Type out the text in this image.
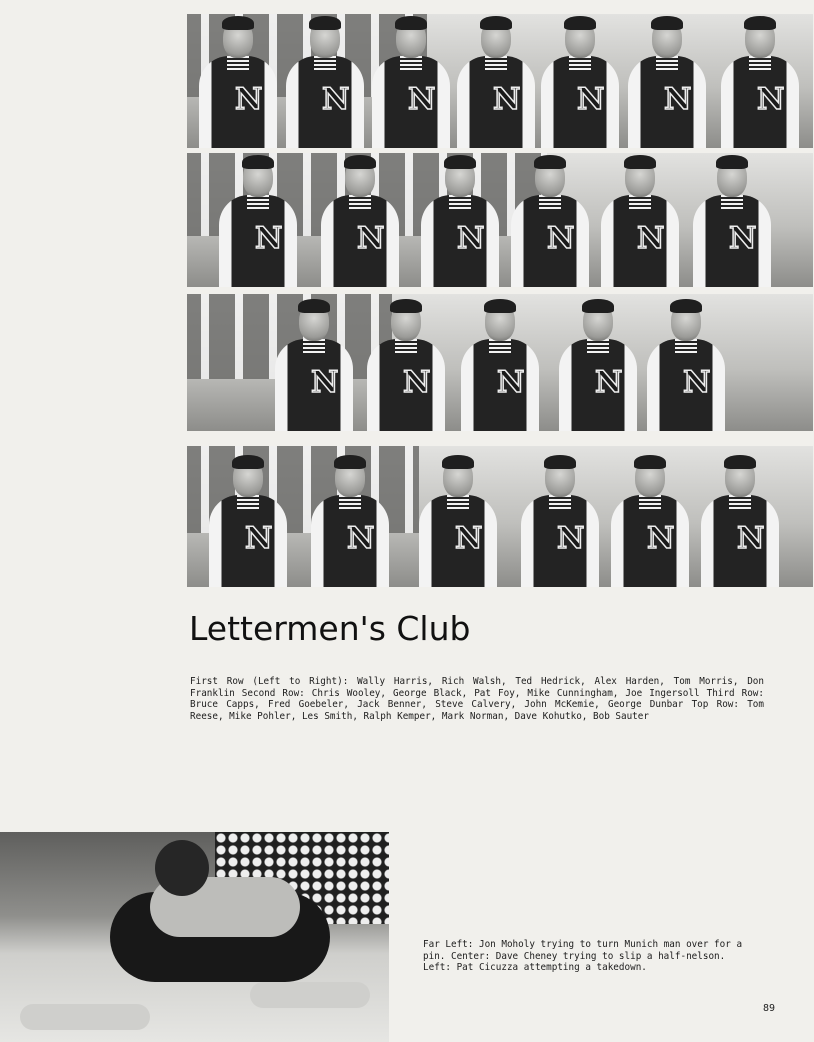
N N N N N N N
N N N N N N
N N N N N
N N	N N N N
Lettermen's Club

First Row (Left to Right): Wally Harris, Rich Walsh, Ted Hedrick, Alex Harden, Tom Morris, Don Franklin Second Row: Chris Wooley, George Black, Pat Foy, Mike Cunningham, Joe Ingersoll Third Row: Bruce Capps, Fred Goebeler, Jack Benner, Steve Calvery, John McKemie, George Dunbar Top Row: Tom Reese, Mike Pohler, Les Smith, Ralph Kemper, Mark Norman, Dave Kohutko, Bob Sauter

Far Left: Jon Moholy trying to turn Munich man over for a pin. Center: Dave Cheney trying to slip a half-nelson. Left: Pat Cicuzza attempting a takedown.

89
